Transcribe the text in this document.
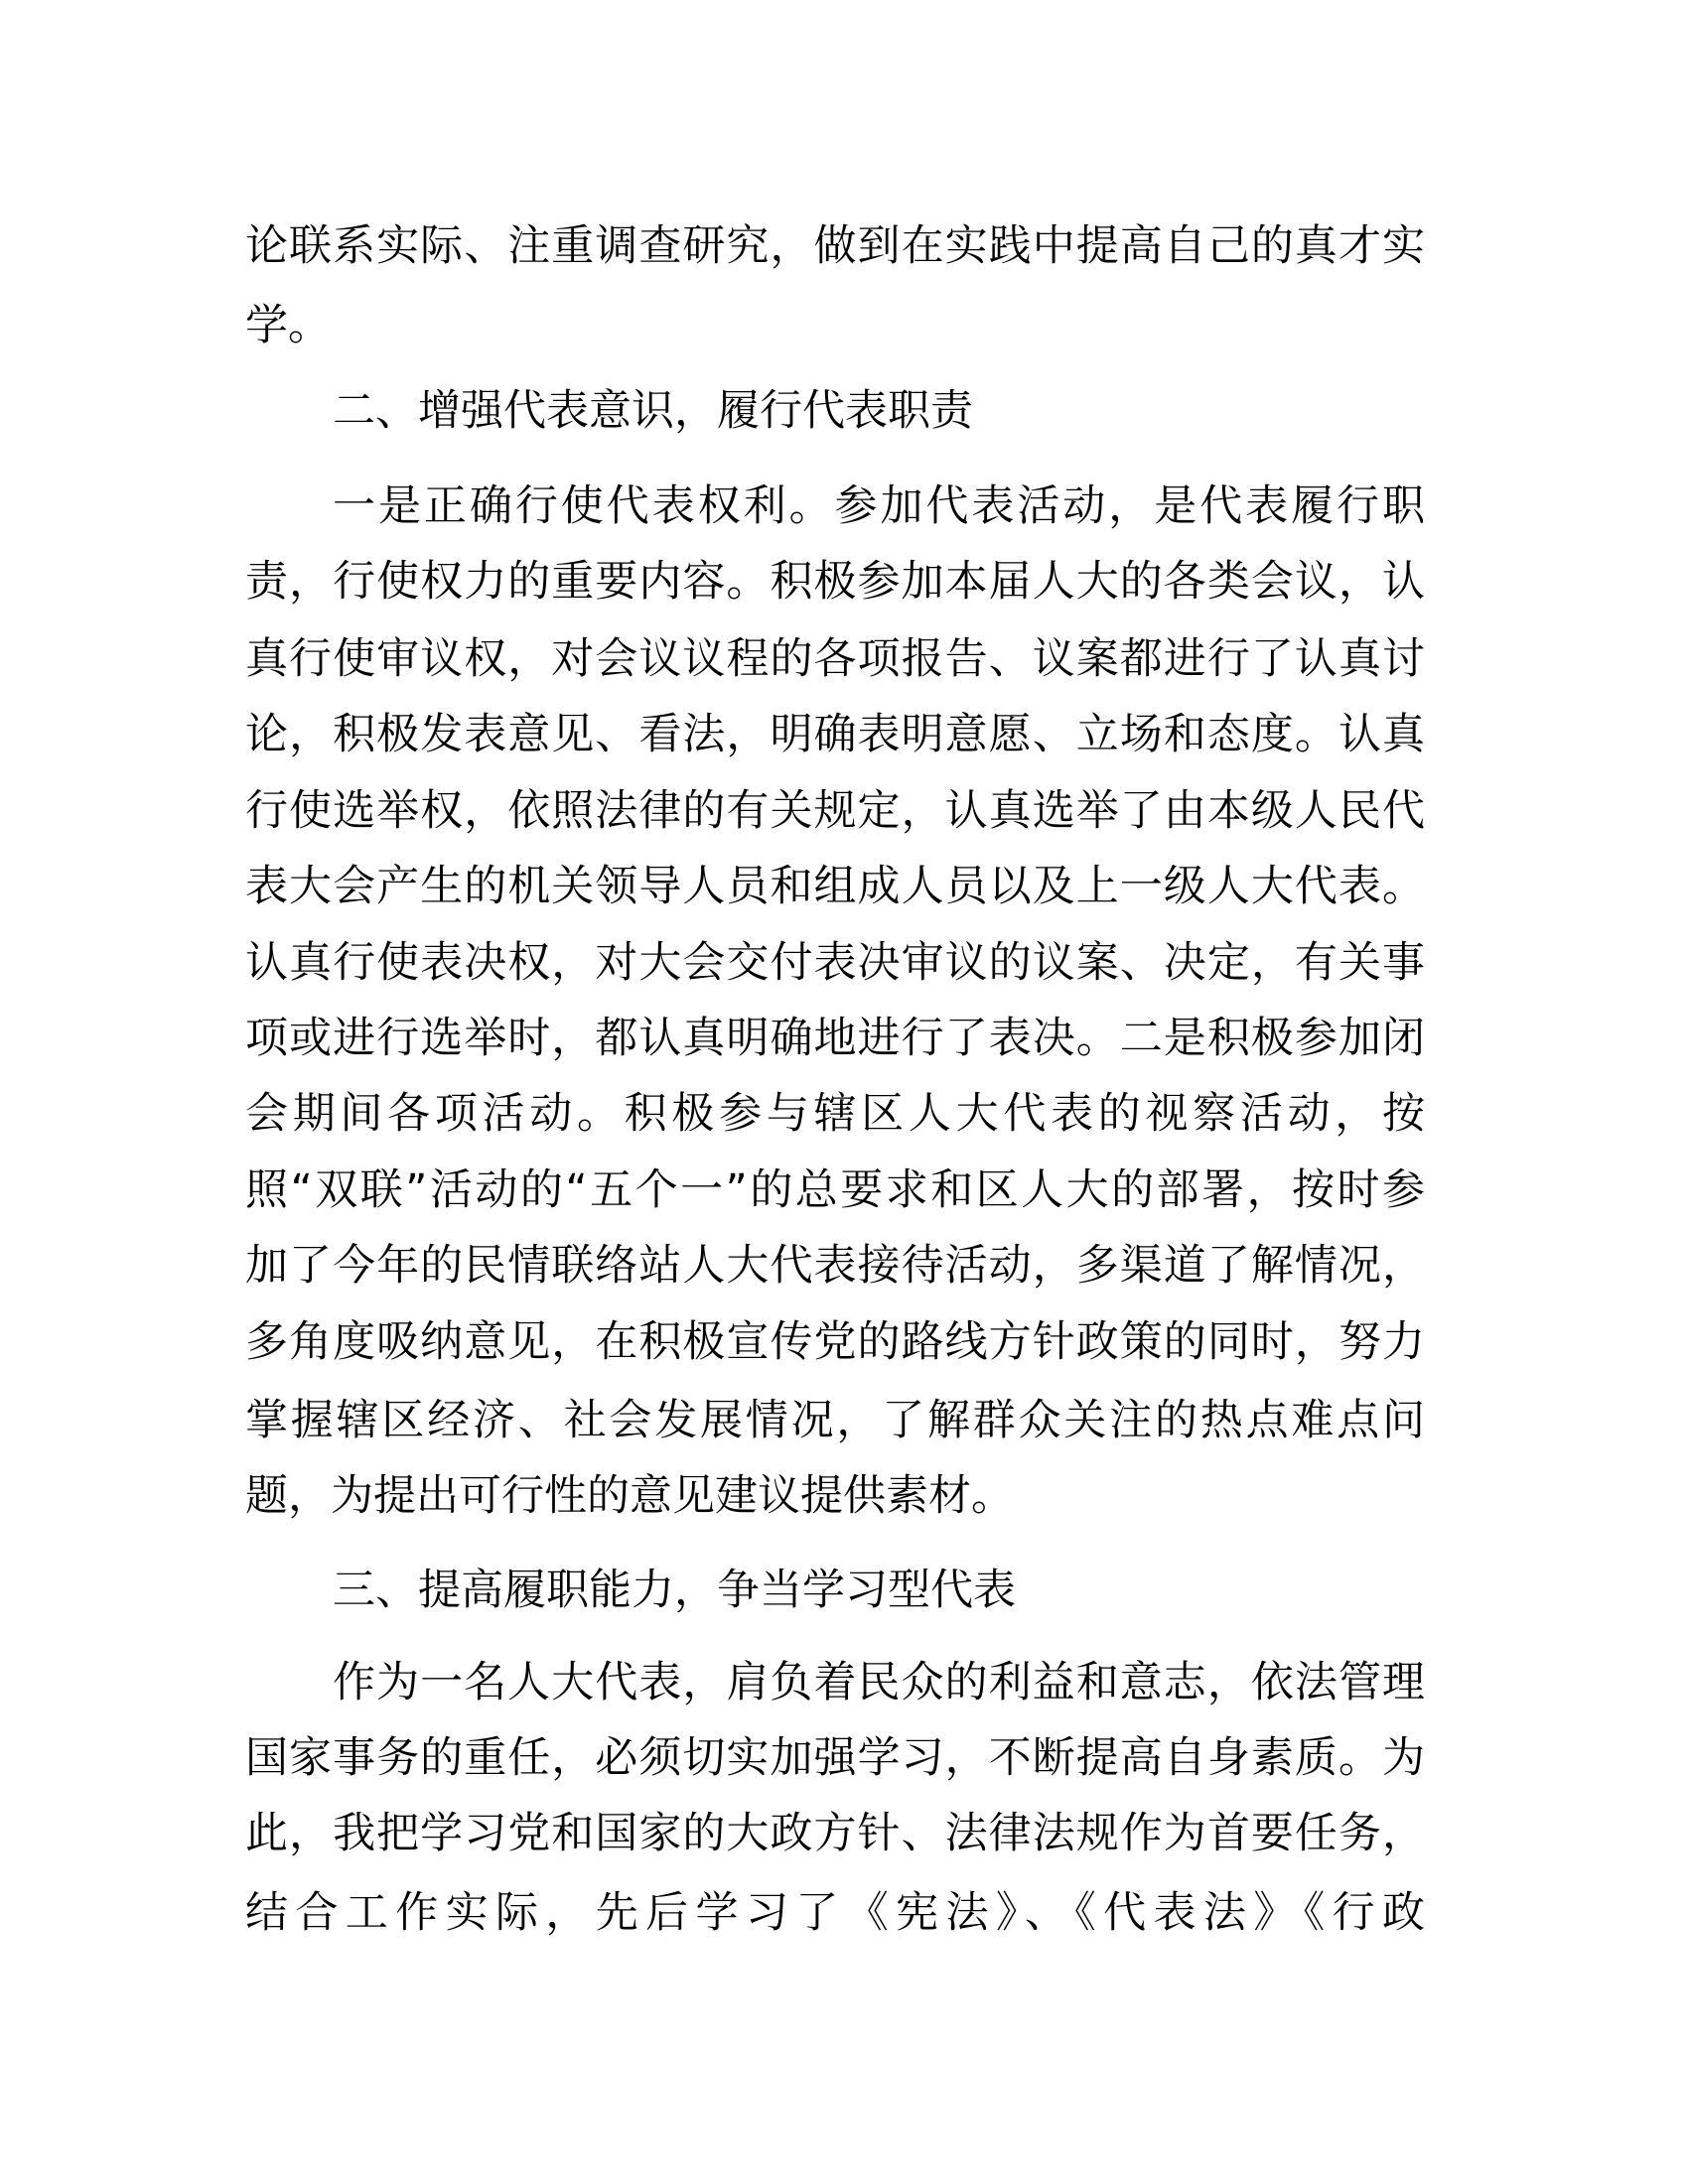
论联系实际、注重调查研究，做到在实践中提高自己的真才实
学。
二、增强代表意识，履行代表职责
一是正确行使代表权利。参加代表活动，是代表履行职
责，行使权力的重要内容。积极参加本届人大的各类会议，认
真行使审议权，对会议议程的各项报告、议案都进行了认真讨
论，积极发表意见、看法，明确表明意愿、立场和态度。认真
行使选举权，依照法律的有关规定，认真选举了由本级人民代
表大会产生的机关领导人员和组成人员以及上一级人大代表。
认真行使表决权，对大会交付表决审议的议案、决定，有关事
项或进行选举时，都认真明确地进行了表决。二是积极参加闭
会期间各项活动。积极参与辖区人大代表的视察活动，按
照“双联”活动的“五个一”的总要求和区人大的部署，按时参
加了今年的民情联络站人大代表接待活动，多渠道了解情况，
多角度吸纳意见，在积极宣传党的路线方针政策的同时，努力
掌握辖区经济、社会发展情况，了解群众关注的热点难点问
题，为提出可行性的意见建议提供素材。
三、提高履职能力，争当学习型代表
作为一名人大代表，肩负着民众的利益和意志，依法管理
国家事务的重任，必须切实加强学习，不断提高自身素质。为
此，我把学习党和国家的大政方针、法律法规作为首要任务，
结合工作实际，先后学习了《宪法》、《代表法》《行政
